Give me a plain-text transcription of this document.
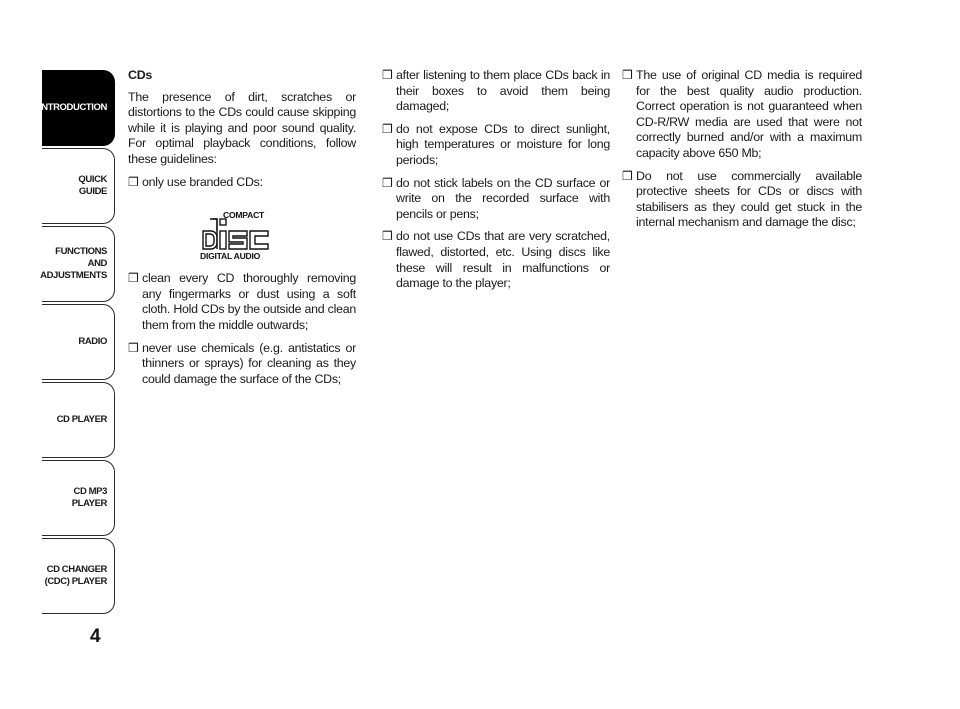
INTRODUCTION
QUICK
GUIDE
FUNCTIONS
AND
ADJUSTMENTS
RADIO
CD PLAYER
CD MP3
PLAYER
CD CHANGER
(CDC) PLAYER
4

CDs

The presence of dirt, scratches or distortions to the CDs could cause skipping while it is playing and poor sound quality. For optimal playback conditions, follow these guidelines:

❒ only use branded CDs:
COMPACT
DIGITAL AUDIO
❒ clean every CD thoroughly removing any fingermarks or dust using a soft cloth. Hold CDs by the outside and clean them from the middle outwards;
❒ never use chemicals (e.g. antistatics or thinners or sprays) for cleaning as they could damage the surface of the CDs;
❒ after listening to them place CDs back in their boxes to avoid them being damaged;
❒ do not expose CDs to direct sunlight, high temperatures or moisture for long periods;
❒ do not stick labels on the CD surface or write on the recorded surface with pencils or pens;
❒ do not use CDs that are very scratched, flawed, distorted, etc. Using discs like these will result in malfunctions or damage to the player;
❒ The use of original CD media is required for the best quality audio production. Correct operation is not guaranteed when CD-R/RW media are used that were not correctly burned and/or with a maximum capacity above 650 Mb;
❒ Do not use commercially available protective sheets for CDs or discs with stabilisers as they could get stuck in the internal mechanism and damage the disc;
